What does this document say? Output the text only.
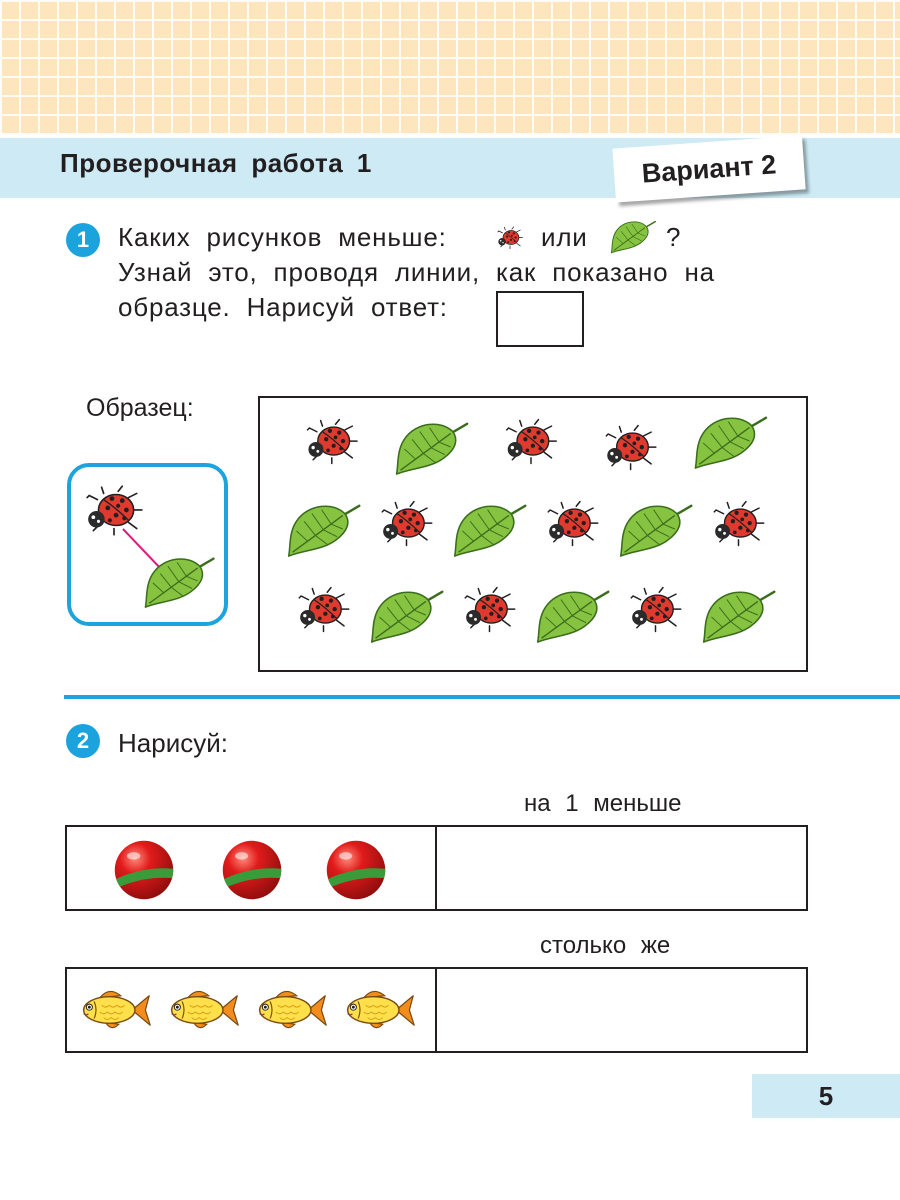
Проверочная работа 1	Вариант 2
1 Каких рисунков меньше:	или	?

Узнай это, проводя линии, как показано на

образце. Нарисуй ответ:

Образец:

2 Нарисуй:

на 1 меньше

столько же

5
